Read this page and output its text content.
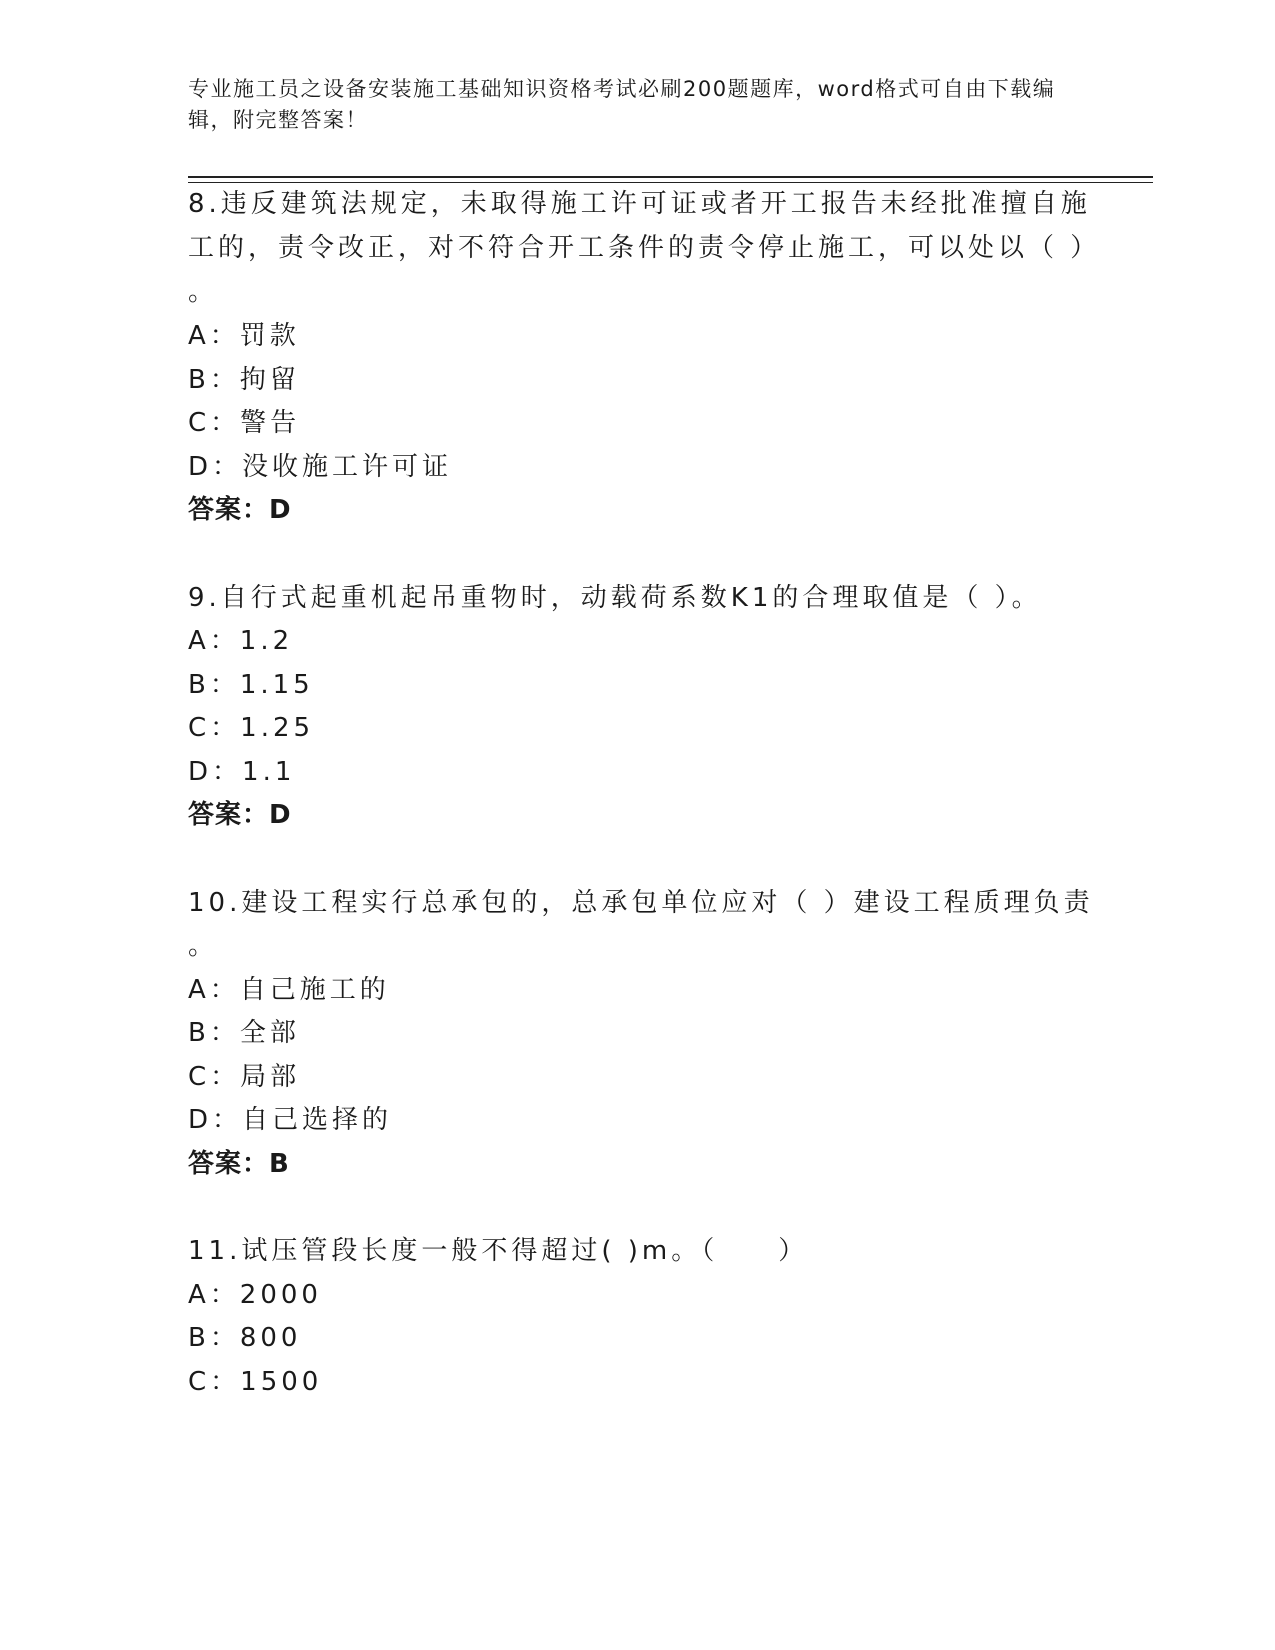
专业施工员之设备安装施工基础知识资格考试必刷200题题库，word格式可自由下载编辑，附完整答案！
8.违反建筑法规定，未取得施工许可证或者开工报告未经批准擅自施
工的，责令改正，对不符合开工条件的责令停止施工，可以处以（ ）
。
A：罚款
B：拘留
C：警告
D：没收施工许可证
答案：D
9.自行式起重机起吊重物时，动载荷系数K1的合理取值是（ ）。
A：1.2
B：1.15
C：1.25
D：1.1
答案：D
10.建设工程实行总承包的，总承包单位应对（ ）建设工程质理负责
。
A：自己施工的
B：全部
C：局部
D：自己选择的
答案：B
11.试压管段长度一般不得超过( )m。（　　）
A：2000
B：800
C：1500
